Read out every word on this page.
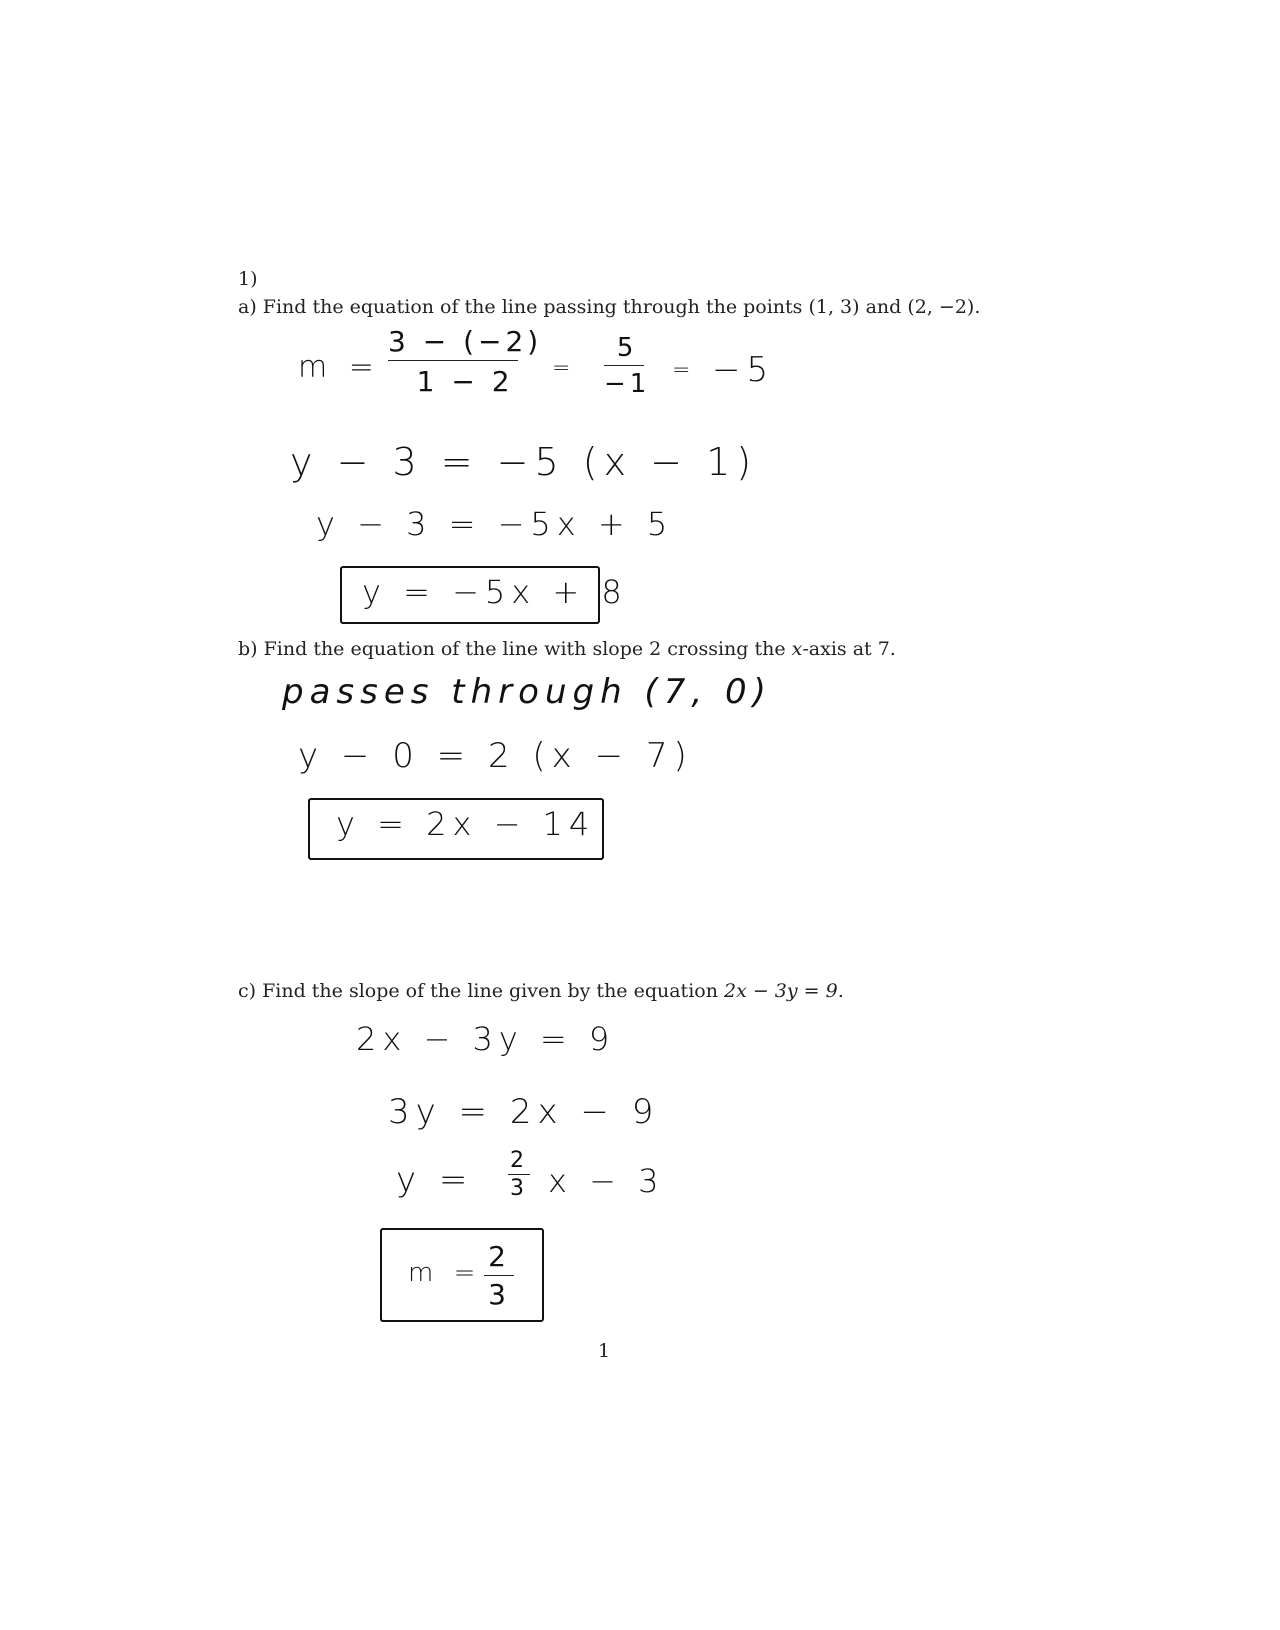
1)
a) Find the equation of the line passing through the points (1, 3) and (2, −2).
m =
3 − (−2)
1 − 2 =
5
−1 = −5
y − 3 = −5 (x − 1)
y − 3 = −5x + 5
y = −5x + 8
b) Find the equation of the line with slope 2 crossing the x-axis at 7.
passes through (7, 0)
y − 0 = 2 (x − 7)
y = 2x − 14
c) Find the slope of the line given by the equation 2x − 3y = 9.
2x − 3y = 9
3y = 2x − 9
y = 2
3 x − 3
m = 2
3
1
